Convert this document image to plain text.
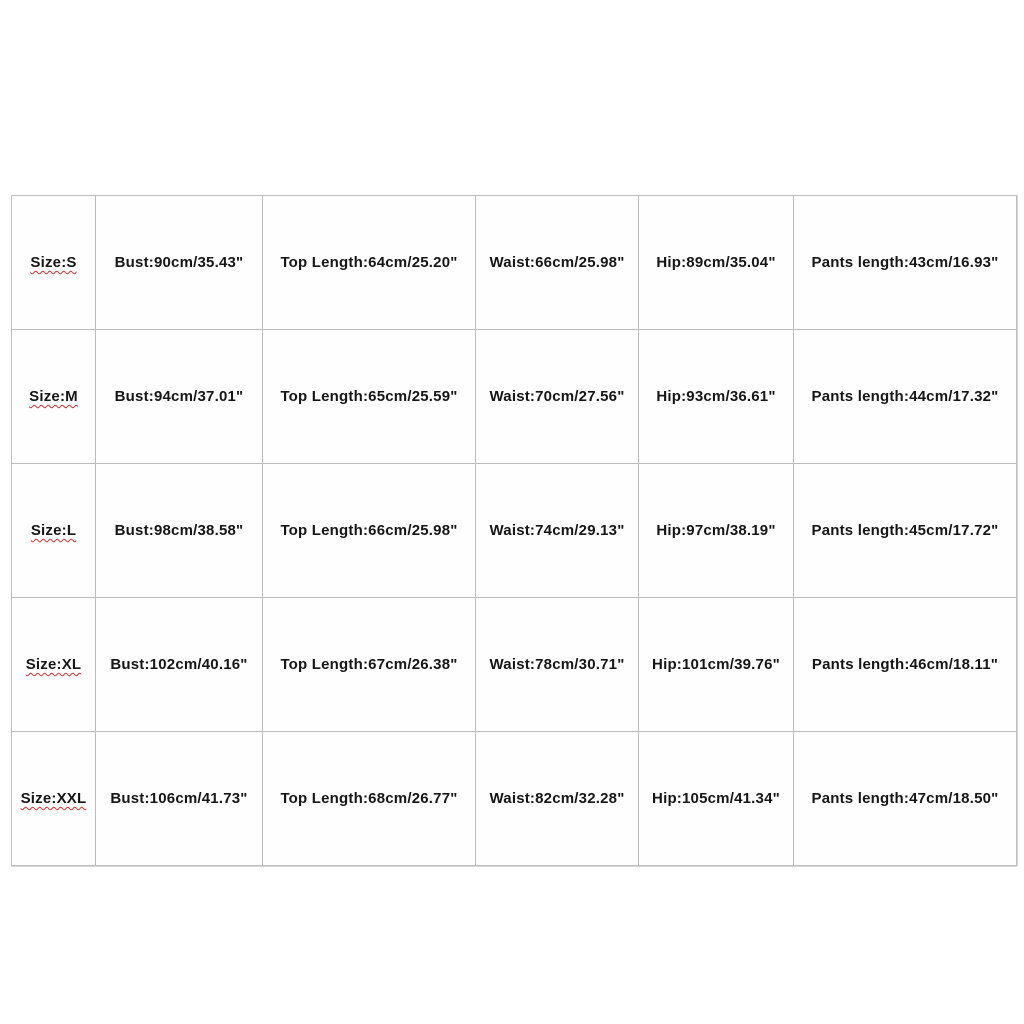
Size:S	Bust:90cm/35.43"	Top Length:64cm/25.20"	Waist:66cm/25.98"	Hip:89cm/35.04"	Pants length:43cm/16.93"
Size:M	Bust:94cm/37.01"	Top Length:65cm/25.59"	Waist:70cm/27.56"	Hip:93cm/36.61"	Pants length:44cm/17.32"
Size:L	Bust:98cm/38.58"	Top Length:66cm/25.98"	Waist:74cm/29.13"	Hip:97cm/38.19"	Pants length:45cm/17.72"
Size:XL	Bust:102cm/40.16"	Top Length:67cm/26.38"	Waist:78cm/30.71"	Hip:101cm/39.76"	Pants length:46cm/18.11"
Size:XXL	Bust:106cm/41.73"	Top Length:68cm/26.77"	Waist:82cm/32.28"	Hip:105cm/41.34"	Pants length:47cm/18.50"
